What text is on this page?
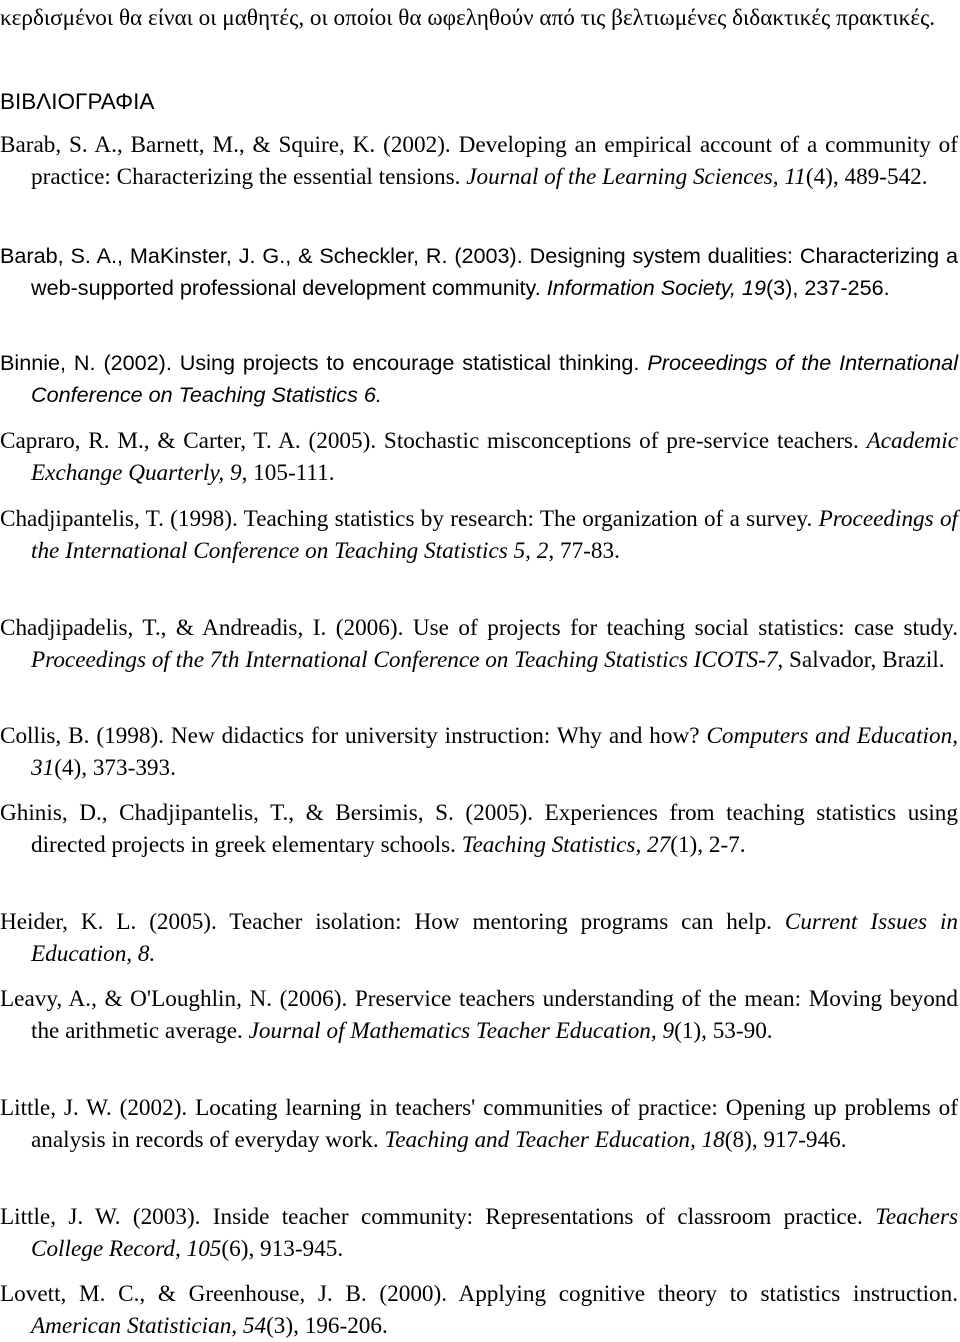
κερδισμένοι θα είναι οι μαθητές, οι οποίοι θα ωφεληθούν από τις βελτιωμένες διδακτικές πρακτικές.

ΒΙΒΛΙΟΓΡΑΦΙΑ

Barab, S. A., Barnett, M., & Squire, K. (2002). Developing an empirical account of a community of practice: Characterizing the essential tensions. Journal of the Learning Sciences, 11(4), 489-542.

Barab, S. A., MaKinster, J. G., & Scheckler, R. (2003). Designing system dualities: Characterizing a web-supported professional development community. Information Society, 19(3), 237-256.

Binnie, N. (2002). Using projects to encourage statistical thinking. Proceedings of the International Conference on Teaching Statistics 6.

Capraro, R. M., & Carter, T. A. (2005). Stochastic misconceptions of pre-service teachers. Academic Exchange Quarterly, 9, 105-111.

Chadjipantelis, T. (1998). Teaching statistics by research: The organization of a survey. Proceedings of the International Conference on Teaching Statistics 5, 2, 77-83.

Chadjipadelis, T., & Andreadis, I. (2006). Use of projects for teaching social statistics: case study. Proceedings of the 7th International Conference on Teaching Statistics ICOTS-7, Salvador, Brazil.

Collis, B. (1998). New didactics for university instruction: Why and how? Computers and Education, 31(4), 373-393.

Ghinis, D., Chadjipantelis, T., & Bersimis, S. (2005). Experiences from teaching statistics using directed projects in greek elementary schools. Teaching Statistics, 27(1), 2-7.

Heider, K. L. (2005). Teacher isolation: How mentoring programs can help. Current Issues in Education, 8.

Leavy, A., & O'Loughlin, N. (2006). Preservice teachers understanding of the mean: Moving beyond the arithmetic average. Journal of Mathematics Teacher Education, 9(1), 53-90.

Little, J. W. (2002). Locating learning in teachers' communities of practice: Opening up problems of analysis in records of everyday work. Teaching and Teacher Education, 18(8), 917-946.

Little, J. W. (2003). Inside teacher community: Representations of classroom practice. Teachers College Record, 105(6), 913-945.

Lovett, M. C., & Greenhouse, J. B. (2000). Applying cognitive theory to statistics instruction. American Statistician, 54(3), 196-206.
